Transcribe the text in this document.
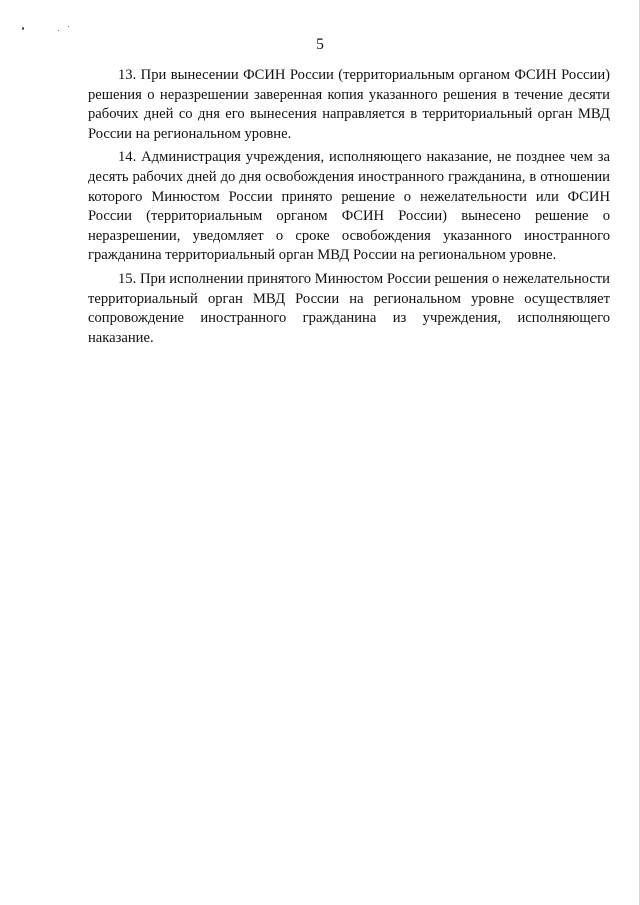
5

13. При вынесении ФСИН России (территориальным органом ФСИН России) решения о неразрешении заверенная копия указанного решения в течение десяти рабочих дней со дня его вынесения направляется в территориальный орган МВД России на региональном уровне.

14. Администрация учреждения, исполняющего наказание, не позднее чем за десять рабочих дней до дня освобождения иностранного гражданина, в отношении которого Минюстом России принято решение о нежелательности или ФСИН России (территориальным органом ФСИН России) вынесено решение о неразрешении, уведомляет о сроке освобождения указанного иностранного гражданина территориальный орган МВД России на региональном уровне.

15. При исполнении принятого Минюстом России решения о нежелательности территориальный орган МВД России на региональном уровне осуществляет сопровождение иностранного гражданина из учреждения, исполняющего наказание.
